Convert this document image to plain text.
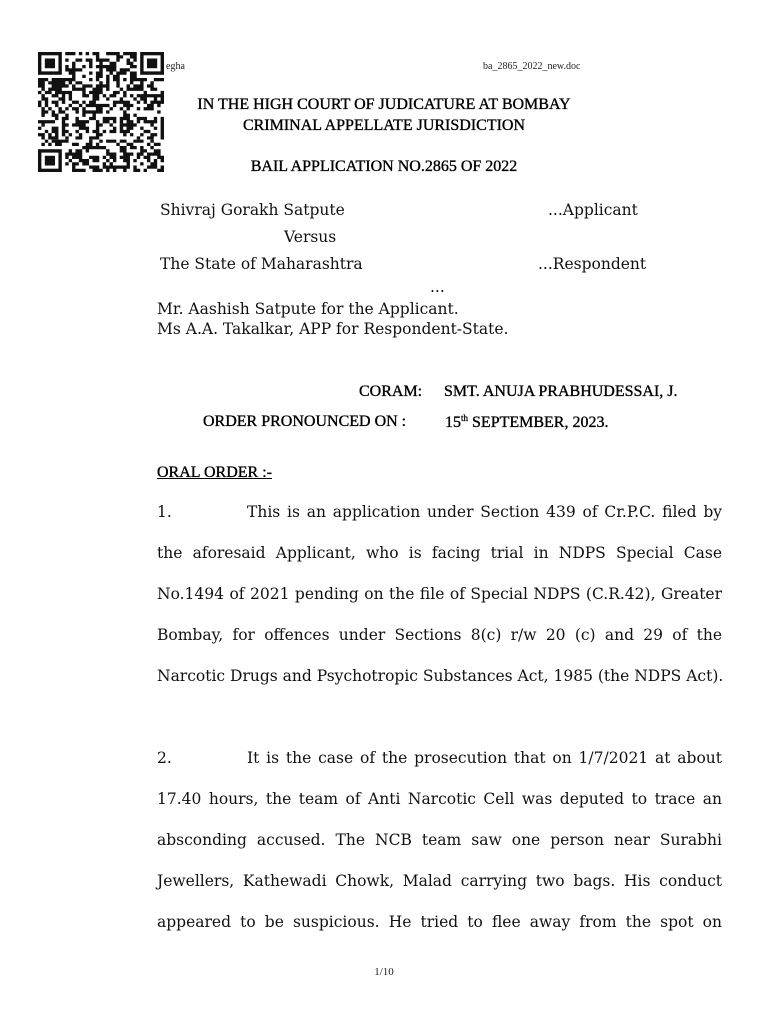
egha	ba_2865_2022_new.doc
IN THE HIGH COURT OF JUDICATURE AT BOMBAY
CRIMINAL APPELLATE JURISDICTION
BAIL APPLICATION NO.2865 OF 2022
Shivraj Gorakh Satpute	...Applicant
Versus
The State of Maharashtra	...Respondent
...
Mr. Aashish Satpute for the Applicant.
Ms A.A. Takalkar, APP for Respondent-State.
CORAM: SMT. ANUJA PRABHUDESSAI, J.
ORDER PRONOUNCED ON : 15th SEPTEMBER, 2023.
ORAL ORDER :-
1.	This is an application under Section 439 of Cr.P.C. filed by
the aforesaid Applicant, who is facing trial in NDPS Special Case
No.1494 of 2021 pending on the file of Special NDPS (C.R.42), Greater
Bombay, for offences under Sections 8(c) r/w 20 (c) and 29 of the
Narcotic Drugs and Psychotropic Substances Act, 1985 (the NDPS Act).
2.	It is the case of the prosecution that on 1/7/2021 at about
17.40 hours, the team of Anti Narcotic Cell was deputed to trace an
absconding accused. The NCB team saw one person near Surabhi
Jewellers, Kathewadi Chowk, Malad carrying two bags. His conduct
appeared to be suspicious. He tried to flee away from the spot on
1/10
